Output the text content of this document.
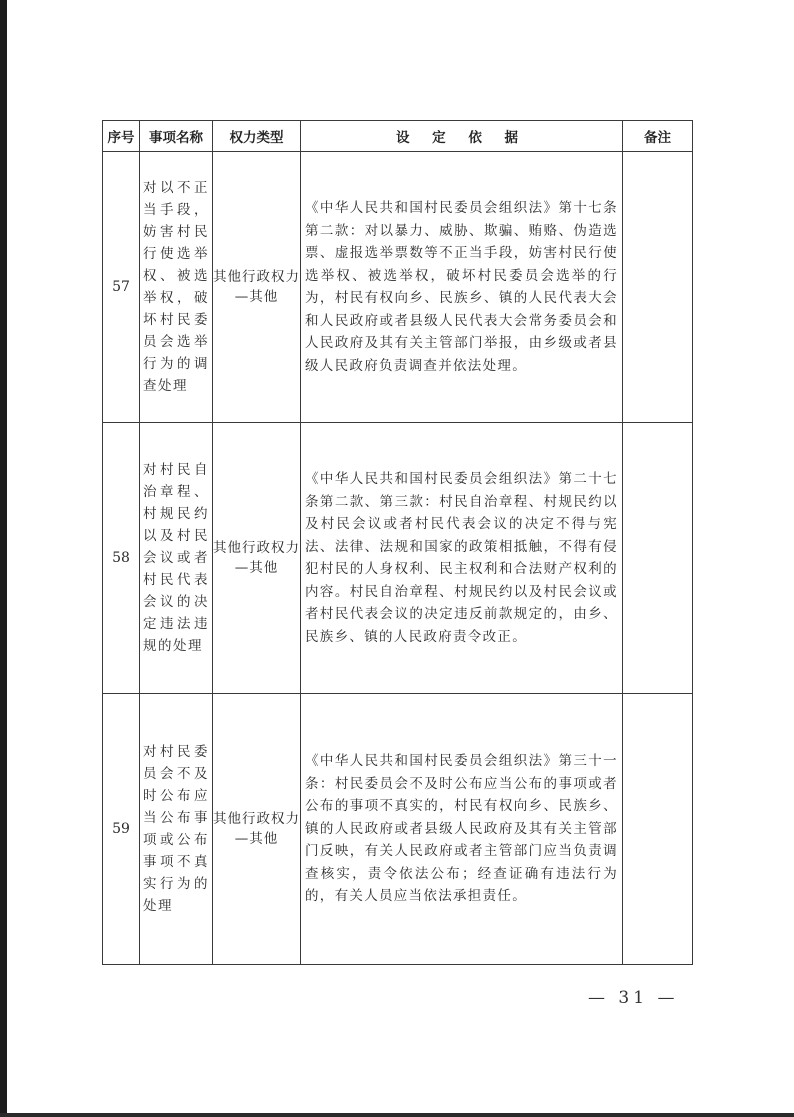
序号	事项名称	权力类型	设 定 依 据	备注
57	对以不正当手段，妨害村民行使选举权、被选举权，破坏村民委员会选举行为的调查处理	其他行政权力—其他	《中华人民共和国村民委员会组织法》第十七条第二款：对以暴力、威胁、欺骗、贿赂、伪造选票、虚报选举票数等不正当手段，妨害村民行使选举权、被选举权，破坏村民委员会选举的行为，村民有权向乡、民族乡、镇的人民代表大会和人民政府或者县级人民代表大会常务委员会和人民政府及其有关主管部门举报，由乡级或者县级人民政府负责调查并依法处理。	

58	对村民自治章程、村规民约以及村民会议或者村民代表会议的决定违法违规的处理	其他行政权力—其他	《中华人民共和国村民委员会组织法》第二十七条第二款、第三款：村民自治章程、村规民约以及村民会议或者村民代表会议的决定不得与宪法、法律、法规和国家的政策相抵触，不得有侵犯村民的人身权利、民主权利和合法财产权利的内容。村民自治章程、村规民约以及村民会议或者村民代表会议的决定违反前款规定的，由乡、民族乡、镇的人民政府责令改正。	

59	对村民委员会不及时公布应当公布事项或公布事项不真实行为的处理	其他行政权力—其他	《中华人民共和国村民委员会组织法》第三十一条：村民委员会不及时公布应当公布的事项或者公布的事项不真实的，村民有权向乡、民族乡、镇的人民政府或者县级人民政府及其有关主管部门反映，有关人民政府或者主管部门应当负责调查核实，责令依法公布；经查证确有违法行为的，有关人员应当依法承担责任。	

— 31 —
